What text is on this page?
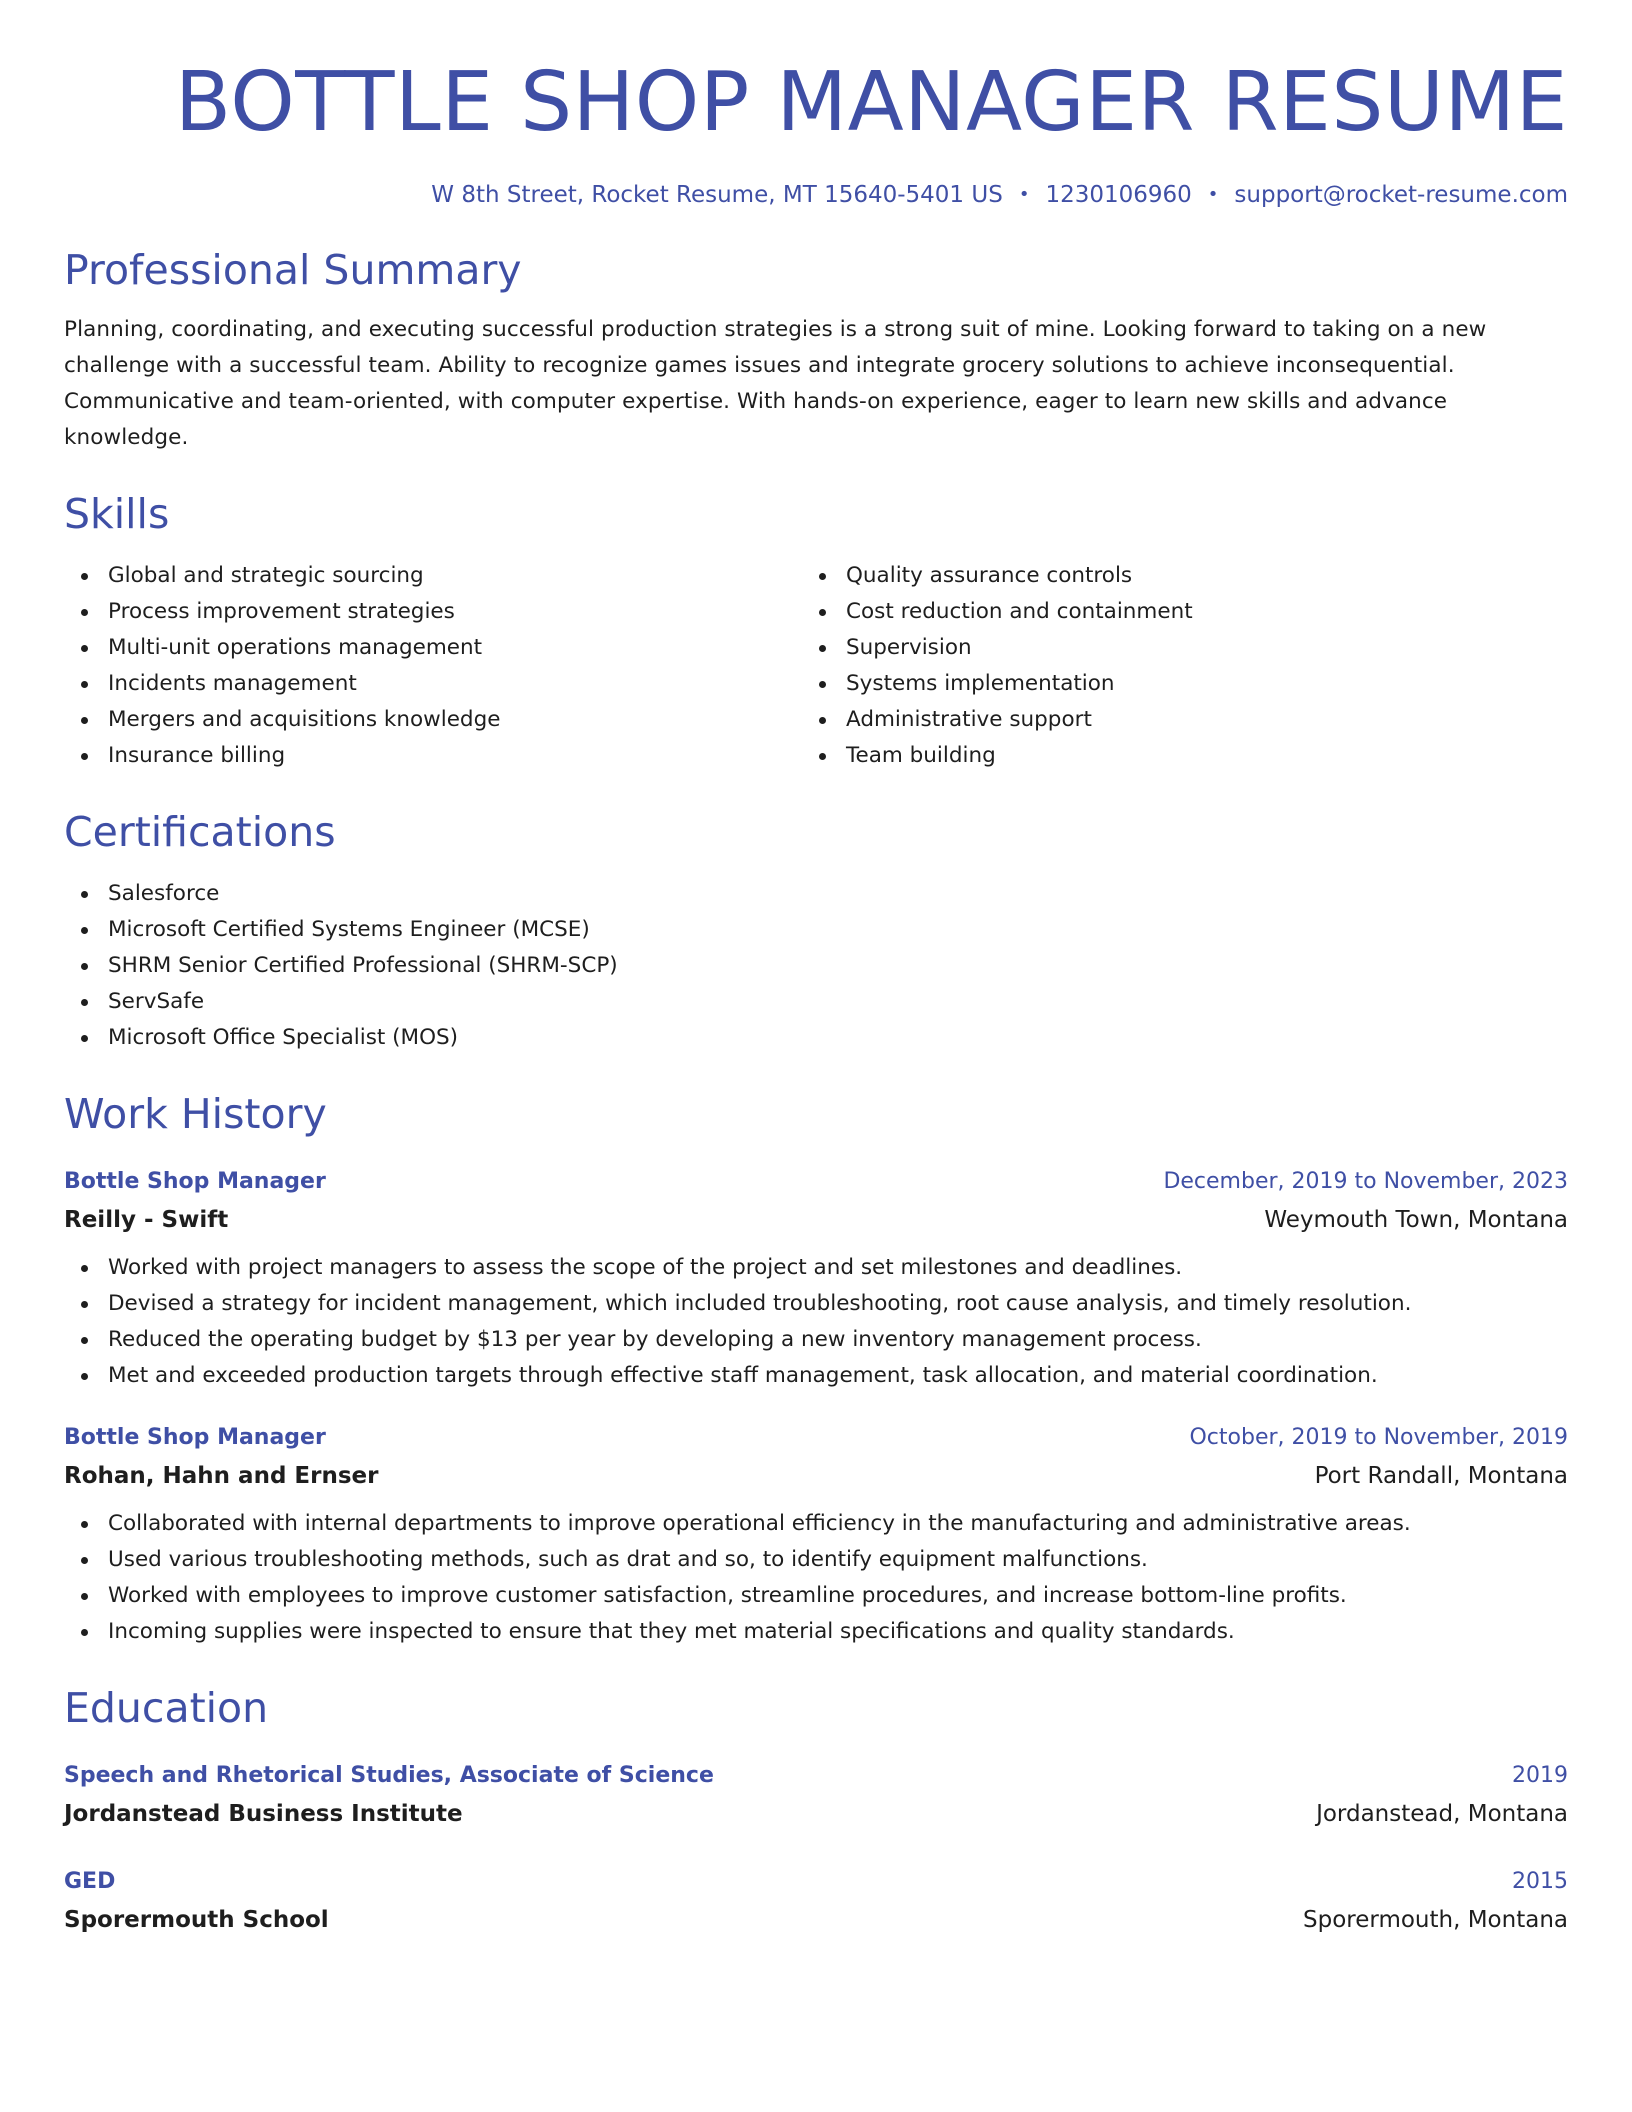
BOTTLE SHOP MANAGER RESUME
W 8th Street, Rocket Resume, MT 15640-5401 US • 1230106960 • support@rocket-resume.com
Professional Summary

Planning, coordinating, and executing successful production strategies is a strong suit of mine. Looking forward to taking on a new challenge with a successful team. Ability to recognize games issues and integrate grocery solutions to achieve inconsequential. Communicative and team-oriented, with computer expertise. With hands-on experience, eager to learn new skills and advance knowledge.

Skills
Global and strategic sourcing
Process improvement strategies
Multi-unit operations management
Incidents management
Mergers and acquisitions knowledge
Insurance billing
Quality assurance controls
Cost reduction and containment
Supervision
Systems implementation
Administrative support
Team building
Certifications
Salesforce
Microsoft Certified Systems Engineer (MCSE)
SHRM Senior Certified Professional (SHRM-SCP)
ServSafe
Microsoft Office Specialist (MOS)
Work History
Bottle Shop Manager	December, 2019 to November, 2023
Reilly - Swift	Weymouth Town, Montana
Worked with project managers to assess the scope of the project and set milestones and deadlines.
Devised a strategy for incident management, which included troubleshooting, root cause analysis, and timely resolution.
Reduced the operating budget by $13 per year by developing a new inventory management process.
Met and exceeded production targets through effective staff management, task allocation, and material coordination.
Bottle Shop Manager	October, 2019 to November, 2019
Rohan, Hahn and Ernser	Port Randall, Montana
Collaborated with internal departments to improve operational efficiency in the manufacturing and administrative areas.
Used various troubleshooting methods, such as drat and so, to identify equipment malfunctions.
Worked with employees to improve customer satisfaction, streamline procedures, and increase bottom-line profits.
Incoming supplies were inspected to ensure that they met material specifications and quality standards.
Education
Speech and Rhetorical Studies, Associate of Science	2019
Jordanstead Business Institute	Jordanstead, Montana
GED	2015
Sporermouth School	Sporermouth, Montana
